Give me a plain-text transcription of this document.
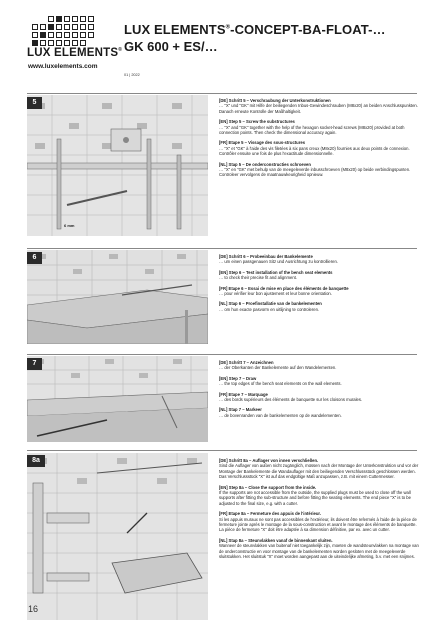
LUX ELEMENTS®
www.luxelements.com
LUX ELEMENTS®-CONCEPT-BA-FLOAT-…
GK 600 + ES/…
01 | 2022
5
6 mm
[DE] Schritt 5 – Verschraubung der Unterkonstruktionen
… "X" und "GK" mit Hilfe der beiliegenden Inbus-Gewindeschrauben (M8x20) an beiden Anschlusspunkten. Danach erneute Kontrolle der Maßhaltigkeit.
[EN] Step 5 – Screw the substructures
… "X" and "GK" together with the help of the hexagon socket-head screws (M8x20) provided at both connection points. Then check the dimensional accuracy again.
[FR] Etape 5 – Vissage des sous-structures
… "X" et "GK" à l'aide des vis filetées à six pans creux (M8x20) fournies aux deux points de connexion. Contrôler ensuite une fois de plus l'exactitude dimensionnelle.
[NL] Stap 5 – De onderconstructies schroeven
… "X" en "GK" met behulp van de meegeleverde inbusschroeven (M8x20) op beide verbindingspunten. Controleer vervolgens de maatnauwkeurigheid opnieuw.
6	[DE] Schritt 6 – Probeeinbau der Bankelemente
… um einen passgenauen Sitz und Ausrichtung zu kontrollieren.
[EN] Step 6 – Test installation of the bench seat elements
… to check their precise fit and alignment.
[FR] Etape 6 – Essai de mise en place des éléments de banquette
… pour vérifier leur bon ajustement et leur bonne orientation.
[NL] Stap 6 – Proefinstallatie van de bankelementen
… om hun exacte pasvorm en uitlijning te controleren.
7	[DE] Schritt 7 – Anzeichnen
… der Oberkanten der Bankelemente auf den Wandelementen.
[EN] Step 7 – Draw
… the top edges of the bench seat elements on the wall elements.
[FR] Etape 7 – Marquage
… des bords supérieurs des éléments de banquette sur les cloisons murales.
[NL] Stap 7 – Markeer
… de bovenranden van de bankelementen op de wandelementen.
8a	[DE] Schritt 8a – Auflager von innen verschließen.
Sind die Auflager von außen nicht zugänglich, müssen nach der Montage der Unterkonstruktion und vor der Montage der Bankelemente die Wandauflager mit den beiliegenden Verschlussstück geschlossen werden. Das Verschlussstück "X" ist auf das endgültige Maß anzupassen, z.B. mit einem Cuttermesser.
[EN] Step 8a – Close the support from the inside.
If the supports are not accessible from the outside, the supplied plugs must be used to close off the wall supports after fitting the sub-structure and before fitting the seating elements. The end piece "X" is to be adjusted to the final size, e.g. with a cutter.
[FR] Etape 8a – Fermeture des appuis de l'intérieur.
Si les appuis muraux ne sont pas accessibles de l'extérieur, ils doivent être refermés à l'aide de la pièce de fermeture jointe après le montage de la sous-construction et avant le montage des éléments de banquette. La pièce de fermeture "X" doit être adaptée à sa dimension définitive, par ex. avec un cutter.
[NL] Stap 8a – Steunvlakken vanaf de binnenkant sluiten.
Wanneer de steunvlakken van buitenaf niet toegankelijk zijn, moeten de wandsteunvlakken na montage van de onderconstructie en voor montage van de bankelementen worden gesloten met de meegeleverde sluitstukken. Het sluitstuk "X" moet worden aangepast aan de uiteindelijke afmeting, b.v. met een snijmes.
16
